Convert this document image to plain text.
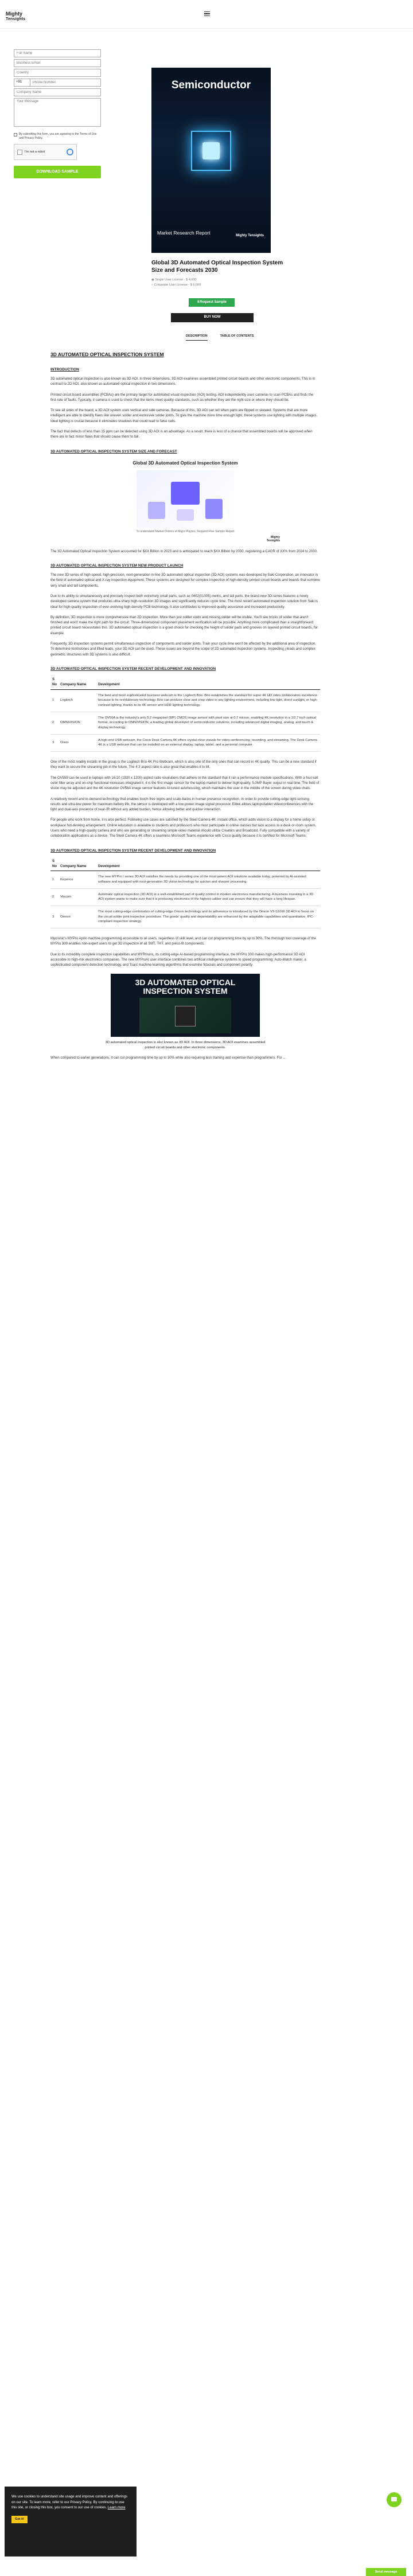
Mighty
Tensights
Full Name
Business Email
Country
+91
Phone Number
Company Name
Your Message
By submitting this form, you are agreeing to the Terms of Use and Privacy Policy.
I'm not a robot
DOWNLOAD SAMPLE
Semiconductor
Market Research Report
Mighty Tensights
Global 3D Automated Optical Inspection System Size and Forecasts 2030
◉ Single User License - $ 4,000
○ Corporate User License - $ 6,000
⬇ Request Sample
BUY NOW
DESCRIPTION	TABLE OF CONTENTS
3D AUTOMATED OPTICAL INSPECTION SYSTEM
INTRODUCTION

3D automated optical inspection is also known as 3D AOI. In three dimensions, 3D AOI examines assembled printed circuit boards and other electronic components. This is in contrast to 2D AOI, also known as automated optical inspection in two dimensions.

Printed circuit board assemblies (PCBAs) are the primary target for automated visual inspection (AOI) testing. AOI independently uses cameras to scan PCBAs and finds the first-rate of faults. Typically, it camera is used to check that the items meet quality standards, such as whether they are the right size or where they should be.

To see all sides of the board, a 3D AOI system uses vertical and side cameras. Because of this, 3D AOI can tell when parts are flipped or skewed. Systems that are more intelligent are able to identify flaws like uneven solder and excessive solder joints. To give the machine more time enough light, these systems use lighting with multiple images. Ideal lighting is crucial because it eliminates shadows that could lead to false calls.

The fact that defects of less than 15 ppm can be detected using 3D AOI is an advantage. As a result, there is less of a chance that assembled boards will be approved when there are in fact minor flaws that should cause them to fail.

3D AUTOMATED OPTICAL INSPECTION SYSTEM SIZE AND FORECAST
Global 3D Automated Optical Inspection System
To understand Market Drivers of Major Players, Request Free Sample Report
Mighty
Tensights

The 3D Automated Optical Inspection System accounted for $XX Billion in 2023 and is anticipated to reach $XX Billion by 2030, registering a CAGR of XX% from 2024 to 2030.

3D AUTOMATED OPTICAL INSPECTION SYSTEM NEW PRODUCT LAUNCH

The new 3D series of high-speed, high-precision, next-generation in-line 3D automated optical inspection (3D AOI) systems was developed by Saki Corporation, an innovator in the field of automated optical and X-ray inspection equipment. These systems are designed for complex inspection of high-density printed circuit boards and boards that combine very small and tall components.

Due to its ability to simultaneously and precisely inspect both extremely small parts, such as 0402(01005) metric, and tall parts, the brand-new 3D-series features a newly developed camera system that produces ultra-sharp high-resolution 3D images and significantly reduces cycle time. The most recent automated inspection solution from Saki is ideal for high-quality inspection of ever-evolving high-density PCB technology. It also contributes to improved quality assurance and increased productivity.

By definition, 3D inspection is more comprehensive than 2D inspection. More than just solder voids and missing solder will be visible. You'll see bricks of solder that aren't finished and won't make the right path for the circuit. Three-dimensional component placement verification will be possible. Anything more complicated than a straightforward printed circuit board necessitates this. 3D automated optical inspection is a good choice for checking the height of solder pads and grooves on layered printed circuit boards, for example.

Frequently, 3D inspection systems permit simultaneous inspection of components and solder joints. Train your cycle time won't be affected by the additional area of inspection. To determine tombstones and lifted leads, your 3D AOI can be used. These issues are beyond the scope of 2D automated inspection systems. Inspecting j-leads and complex geometric structures with 3D systems is also difficult.

3D AUTOMATED OPTICAL INSPECTION SYSTEM RECENT DEVELOPMENT AND INNOVATION
S No	Company Name	Development
1	Logitech	The best and most sophisticated business webcam is the Logitech Brio. Brio establishes the standard for super 4K HD video collaboration excellence because to its revolutionary technology. Brio can produce clear and crisp video in any lighting environment, including low light, direct sunlight, or high-contrast lighting, thanks to its 4K sensor and HDR lighting technology.
2	OMNIVISION	The OV50A is the industry's only 5.2 megapixel (MP) CMOS image sensor with pixel size at 0.7 micron, enabling 4K resolution in a 1/2.7 inch optical format, according to OMNIVISION, a leading global developer of semiconductor solutions, including advanced digital imaging, analog, and touch & display technology.
3	Cisco	A high-end USB webcam, the Cisco Desk Camera 4K offers crystal-clear visuals for video conferencing, recording, and streaming. The Desk Camera 4K is a USB webcam that can be installed on an external display, laptop, tablet, and a personal computer.

One of the most readily installs in the group is the Logitech Brio 4K Pro Webcam, which is also one of the only ones that can record in 4K quality. This can be a new standard if they want to secure the streaming job in the future. The 4:3 aspect ratio is also great that enables it to tilt.

The OV555 can be used in laptops with 16:10 (1920 x 1200) aspect ratio resolutions that adhere to the standard that it ran a performance module specifications. With a four-cell color filter array and on-chip functional increases integrated it, it is the first image sensor for the laptop market to deliver high-quality, 5.0MP Bayer output in real time. The field of vision may be adjusted and the 4K resolution OV58A image sensor features Al-tuned autofocusing, which maintains the user in the middle of the screen during video chats.

A relatively recent and in-demand technology that enables touch-free logins and scale-backs in human presence recognition. In order to provide cutting-edge light-sensing results and ultra-low power for maximum battery life, the sensor is developed with a low-power image signal processor. Elitek allows laptops/tablet videoconferences with the light and dual-axis presence of near-IR without any added burden, hence allowing better and quicker interaction.

For people who work from home, it is also perfect. Following use cases are satisfied by the Steel Camera 4K: instant office, which adds vision to a display for a home setup or workplace hot-desking arrangement. Online education is available to students and professors who must participate in online classes but lack access to a desk or room system. Users who need a high-quality camera and who are generating or streaming simple video material should utilize Creators and Broadcast. Fully compatible with a variety of collaboration applications as a device. The Steel Camera 4K offers a seamless Microsoft Teams experience with Cisco quality because it is certified for Microsoft Teams.

3D AUTOMATED OPTICAL INSPECTION SYSTEM RECENT DEVELOPMENT AND INNOVATION
S No	Company Name	Development
1	Keyence	The new MYPro I series 3D AOI satisfies the needs by providing one of the most potent AOI solutions available today, powered by AI-assisted software and equipped with next-generation 3D vision technology for quicker and sharper processing.
2	Viscom	Automatic optical inspection (3D AOI) is a well-established part of quality control in modern electronics manufacturing. A business investing in a 3D AOI system wants to make sure that it is producing electronics of the highest caliber and can ensure that they will have a long lifespan.
3	Omron	The most cutting-edge combination of cutting-edge Omron technology and its adherence is introduced by the Omron VT-S1090 3D AOI to focus on the circuit solder joint inspection procedure. The goods' quality and dependability are enhanced by the adaptable capabilities and quantitative, IPC-compliant inspection strategy.

Mycronic's MYPro Aprix machine programming accessible to all users, regardless of skill level, and can cut programming time by up to 30%. The thorough tool coverage of the MYPro 300 enables non-expert users to get 3D inspection of all SMT, THT, and press-fit components.

Due to its incredibly complete inspection capabilities and MYRmunc, its cutting-edge AI-based programming interface, the MYPro 300 makes high-performance 3D AOI accessible to high-mix electronics companies. The new MYProAI user interface combines two artificial intelligence systems to speed programming: Auto-Match maker, a sophisticated component detection technology, and Toast machine learning algorithms that examine fiducials and component polarity.

3D AUTOMATED OPTICAL INSPECTION SYSTEM
3D automated optical inspection is also known as 3D AOI. In three dimensions, 3D AOI examines assembled printed circuit boards and other electronic components.

When compared to earlier generations, it can cut programming time by up to 30% while also requiring less training and expertise than programmers. For ...

We use cookies to understand site usage and improve content and offerings on our site. To learn more, refer to our Privacy Policy. By continuing to use this site, or closing this box, you consent to our use of cookies. Learn more
Got it!
Send message
